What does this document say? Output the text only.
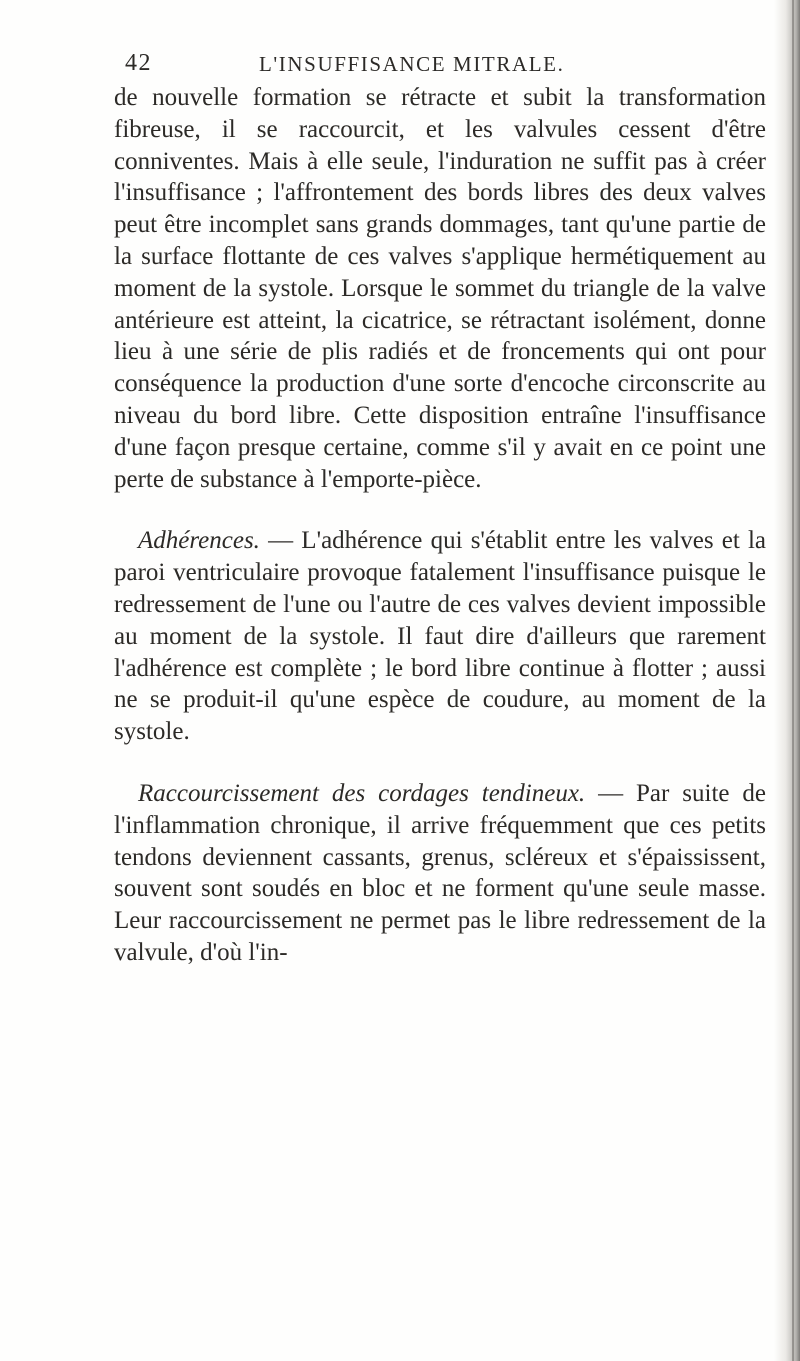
42	L'INSUFFISANCE MITRALE.

de nouvelle formation se rétracte et subit la transformation fibreuse, il se raccourcit, et les valvules cessent d'être conniventes. Mais à elle seule, l'induration ne suffit pas à créer l'insuffisance ; l'affrontement des bords libres des deux valves peut être incomplet sans grands dommages, tant qu'une partie de la surface flottante de ces valves s'applique hermétiquement au moment de la systole. Lorsque le sommet du triangle de la valve antérieure est atteint, la cicatrice, se rétractant isolément, donne lieu à une série de plis radiés et de froncements qui ont pour conséquence la production d'une sorte d'encoche circonscrite au niveau du bord libre. Cette disposition entraîne l'insuffisance d'une façon presque certaine, comme s'il y avait en ce point une perte de substance à l'emporte-pièce.

Adhérences. — L'adhérence qui s'établit entre les valves et la paroi ventriculaire provoque fatalement l'insuffisance puisque le redressement de l'une ou l'autre de ces valves devient impossible au moment de la systole. Il faut dire d'ailleurs que rarement l'adhérence est complète ; le bord libre continue à flotter ; aussi ne se produit-il qu'une espèce de coudure, au moment de la systole.

Raccourcissement des cordages tendineux. — Par suite de l'inflammation chronique, il arrive fréquemment que ces petits tendons deviennent cassants, grenus, scléreux et s'épaississent, souvent sont soudés en bloc et ne forment qu'une seule masse. Leur raccourcissement ne permet pas le libre redressement de la valvule, d'où l'in-
